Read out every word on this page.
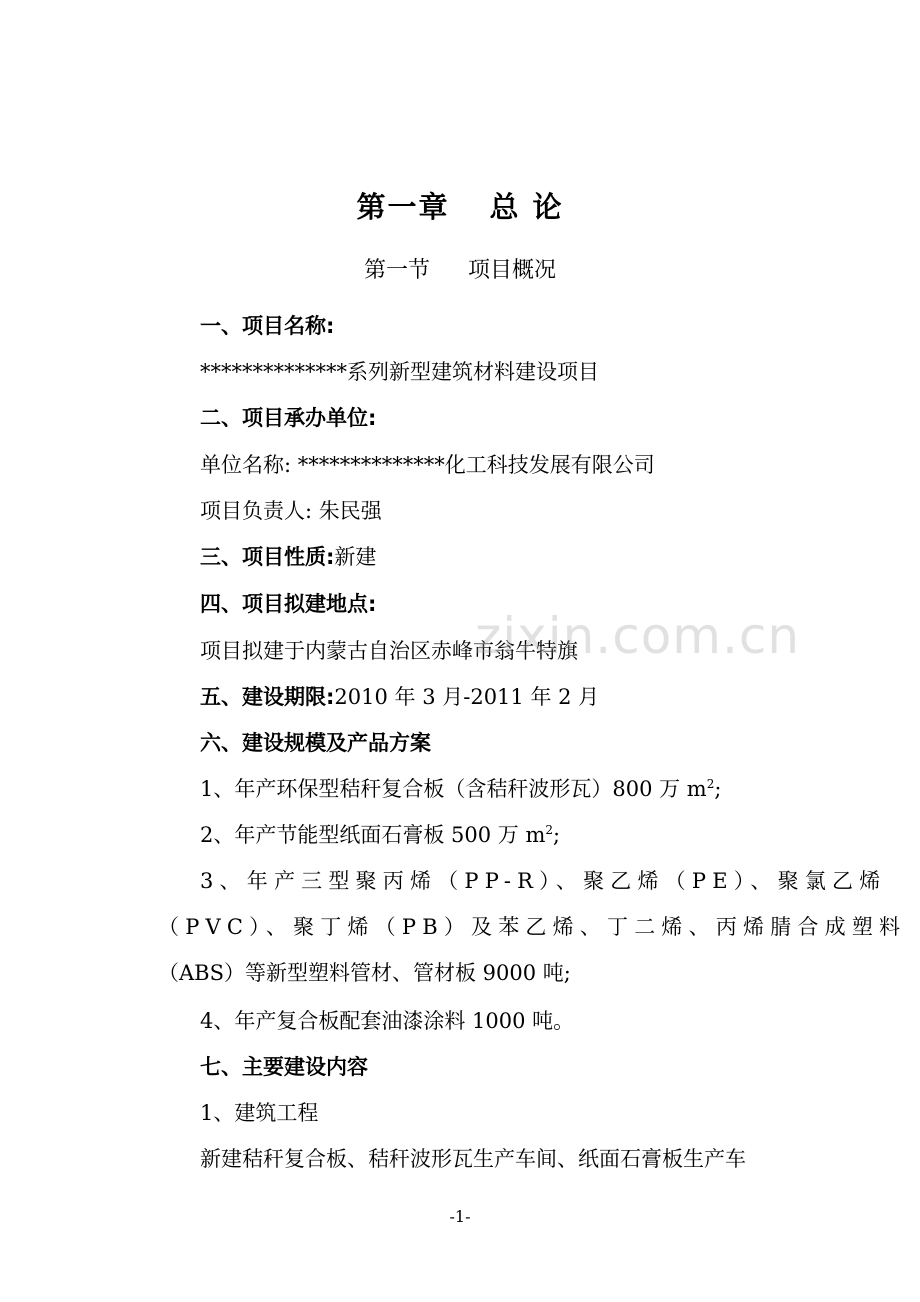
第一章 总 论
第一节 项目概况
一、项目名称:
**************系列新型建筑材料建设项目
二、项目承办单位:
单位名称: **************化工科技发展有限公司
项目负责人: 朱民强
三、项目性质:新建
四、项目拟建地点:
项目拟建于内蒙古自治区赤峰市翁牛特旗
五、建设期限:2010 年 3 月-2011 年 2 月
六、建设规模及产品方案
1、年产环保型秸秆复合板（含秸秆波形瓦）800 万 $m^2$;
2、年产节能型纸面石膏板 500 万 $m^2$;
3、年产三型聚丙烯（PP-R）、聚乙烯（PE）、聚氯乙烯
（PVC）、聚丁烯（PB）及苯乙烯、丁二烯、丙烯腈合成塑料
（ABS）等新型塑料管材、管材板 9000 吨;
4、年产复合板配套油漆涂料 1000 吨。
七、主要建设内容
1、建筑工程
新建秸秆复合板、秸秆波形瓦生产车间、纸面石膏板生产车
zixin.com.cn
-1-
